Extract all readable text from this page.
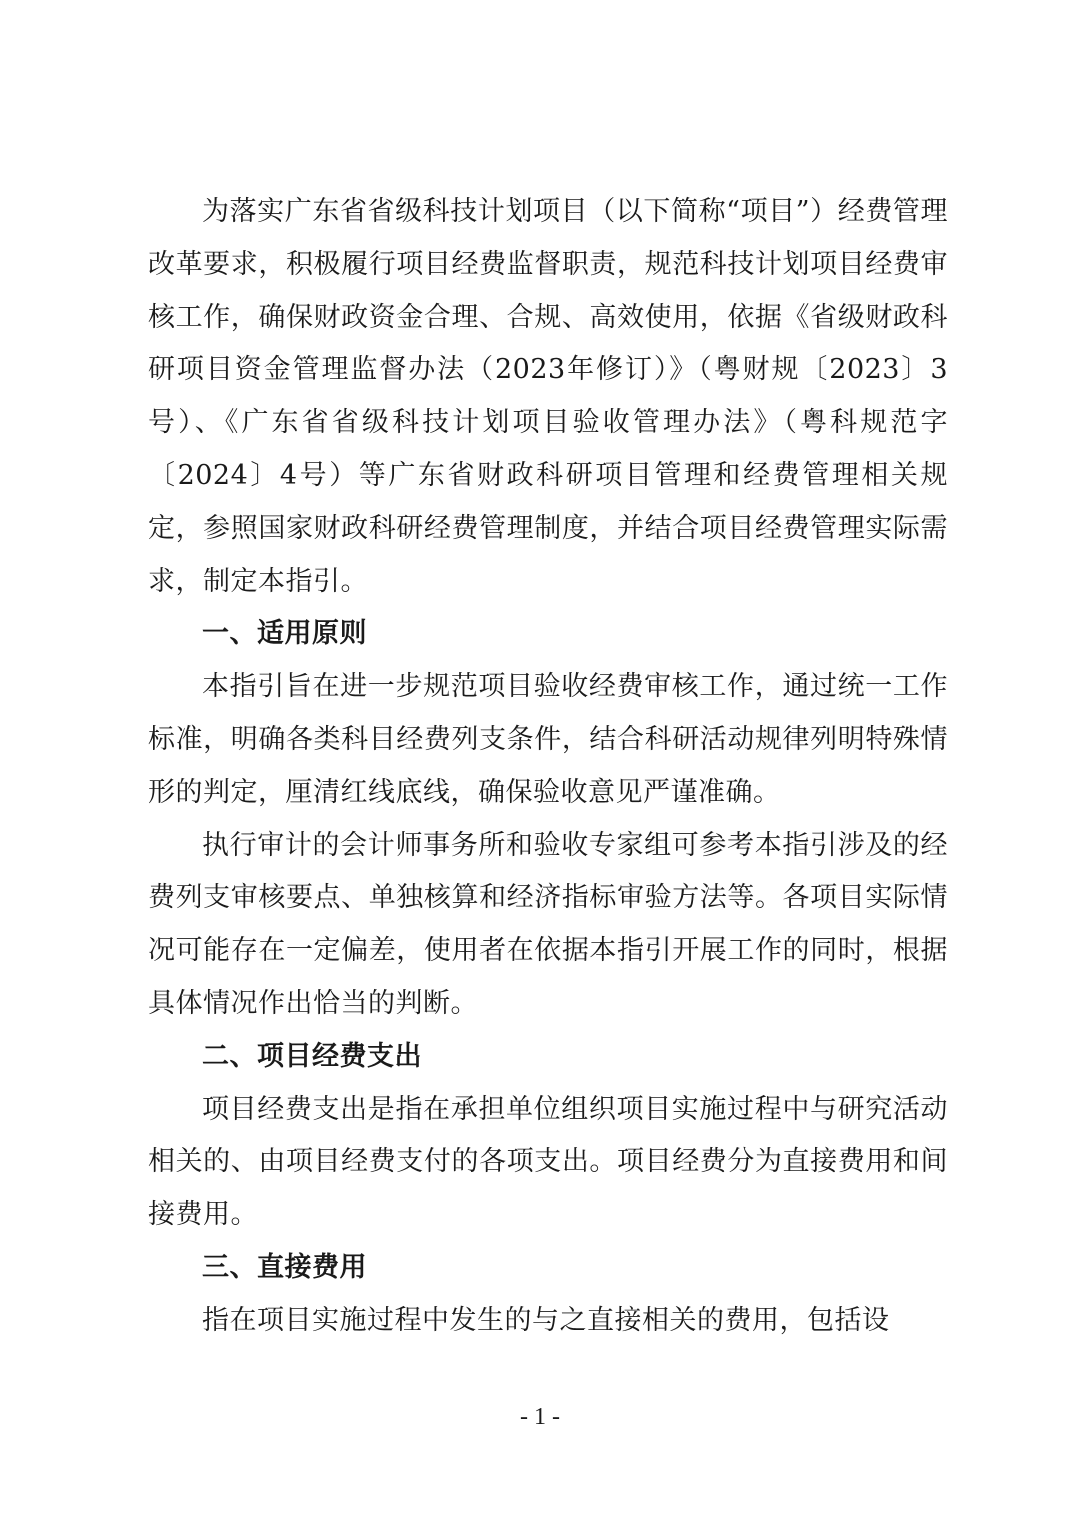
为落实广东省省级科技计划项目（以下简称“项目”）经费管理改革要求，积极履行项目经费监督职责，规范科技计划项目经费审核工作，确保财政资金合理、合规、高效使用，依据《省级财政科研项目资金管理监督办法（2023年修订）》（粤财规〔2023〕3号）、《广东省省级科技计划项目验收管理办法》（粤科规范字〔2024〕4号）等广东省财政科研项目管理和经费管理相关规定，参照国家财政科研经费管理制度，并结合项目经费管理实际需求，制定本指引。

一、适用原则

本指引旨在进一步规范项目验收经费审核工作，通过统一工作标准，明确各类科目经费列支条件，结合科研活动规律列明特殊情形的判定，厘清红线底线，确保验收意见严谨准确。

执行审计的会计师事务所和验收专家组可参考本指引涉及的经费列支审核要点、单独核算和经济指标审验方法等。各项目实际情况可能存在一定偏差，使用者在依据本指引开展工作的同时，根据具体情况作出恰当的判断。

二、项目经费支出

项目经费支出是指在承担单位组织项目实施过程中与研究活动相关的、由项目经费支付的各项支出。项目经费分为直接费用和间接费用。

三、直接费用

指在项目实施过程中发生的与之直接相关的费用，包括设

- 1 -
